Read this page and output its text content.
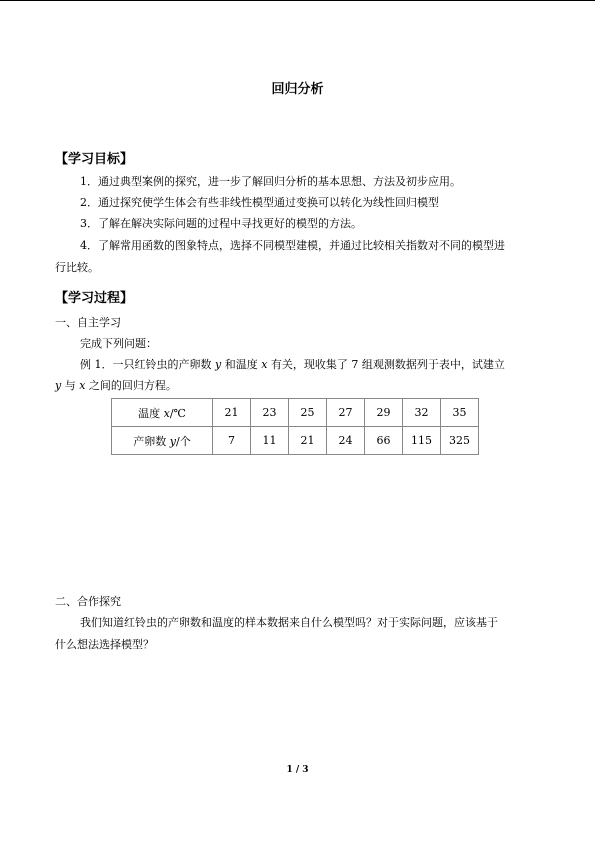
回归分析
【学习目标】
1．通过典型案例的探究，进一步了解回归分析的基本思想、方法及初步应用。
2．通过探究使学生体会有些非线性模型通过变换可以转化为线性回归模型
3．了解在解决实际问题的过程中寻找更好的模型的方法。
4．了解常用函数的图象特点，选择不同模型建模，并通过比较相关指数对不同的模型进
行比较。
【学习过程】
一、自主学习
完成下列问题：
例 1．一只红铃虫的产卵数 y 和温度 x 有关，现收集了 7 组观测数据列于表中，试建立
y 与 x 之间的回归方程。
温度 x/℃	21	23	25	27	29	32	35
产卵数 y/个	7	11	21	24	66	115	325
二、合作探究
我们知道红铃虫的产卵数和温度的样本数据来自什么模型吗？对于实际问题，应该基于
什么想法选择模型？
1 / 3
